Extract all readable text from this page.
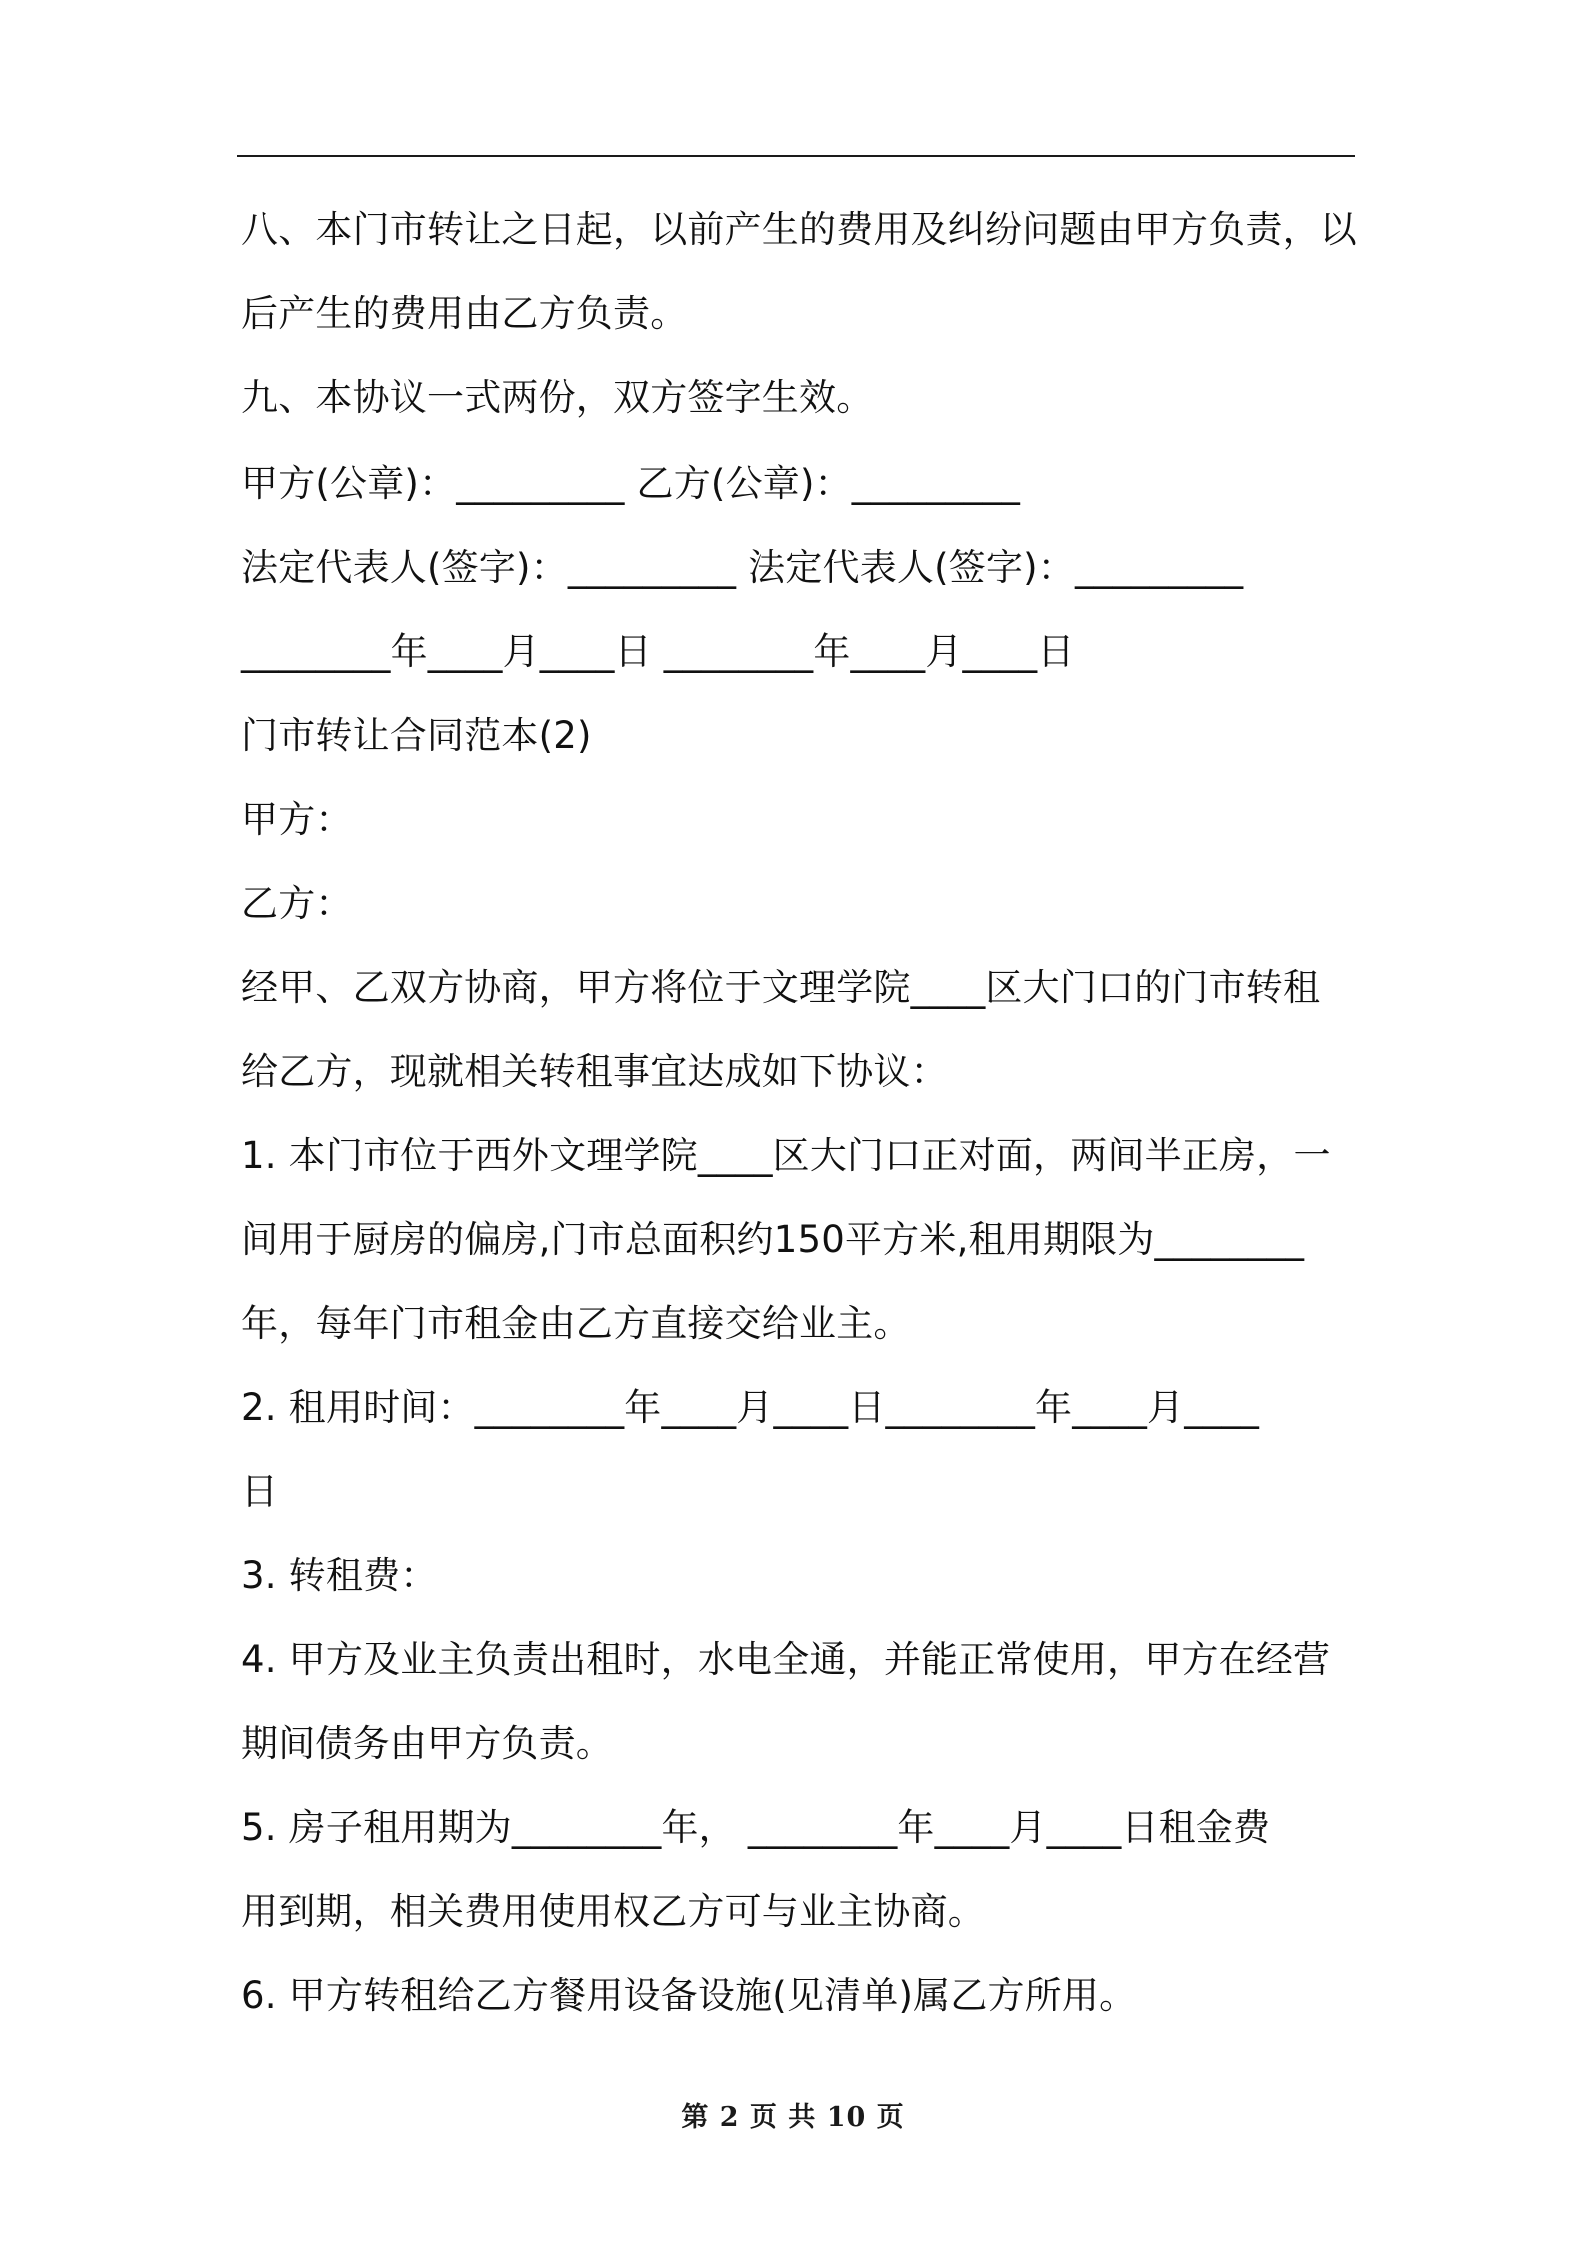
八、本门市转让之日起，以前产生的费用及纠纷问题由甲方负责，以
后产生的费用由乙方负责。
九、本协议一式两份，双方签字生效。
甲方(公章)：_________ 乙方(公章)：_________
法定代表人(签字)：_________ 法定代表人(签字)：_________
________年____月____日 ________年____月____日
门市转让合同范本(2)
甲方：
乙方：
经甲、乙双方协商，甲方将位于文理学院____区大门口的门市转租
给乙方，现就相关转租事宜达成如下协议：
1. 本门市位于西外文理学院____区大门口正对面，两间半正房，一
间用于厨房的偏房,门市总面积约150平方米,租用期限为________
年，每年门市租金由乙方直接交给业主。
2. 租用时间：________年____月____日________年____月____
日
3. 转租费：
4. 甲方及业主负责出租时，水电全通，并能正常使用，甲方在经营
期间债务由甲方负责。
5. 房子租用期为________年， ________年____月____日租金费
用到期，相关费用使用权乙方可与业主协商。
6. 甲方转租给乙方餐用设备设施(见清单)属乙方所用。
第 2 页 共 10 页
